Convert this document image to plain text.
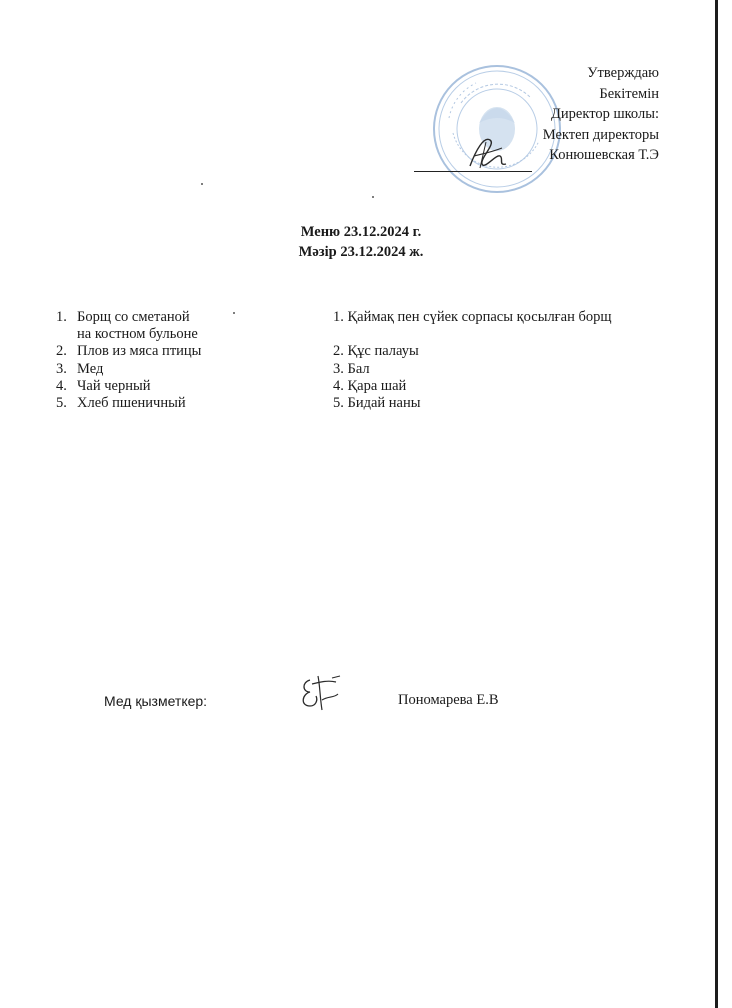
Утверждаю
Бекітемін
Директор школы:
Мектеп директоры
Конюшевская Т.Э
Меню 23.12.2024 г.
Мәзір 23.12.2024 ж.
1. Борщ со сметаной
на костном бульоне
2. Плов из мяса птицы
3. Мед
4. Чай черный
5. Хлеб пшеничный
1. Қаймақ пен сүйек сорпасы қосылған борщ
2. Құс палауы
3. Бал
4. Қара шай
5. Бидай наны
Мед қызметкер:	Пономарева Е.В
